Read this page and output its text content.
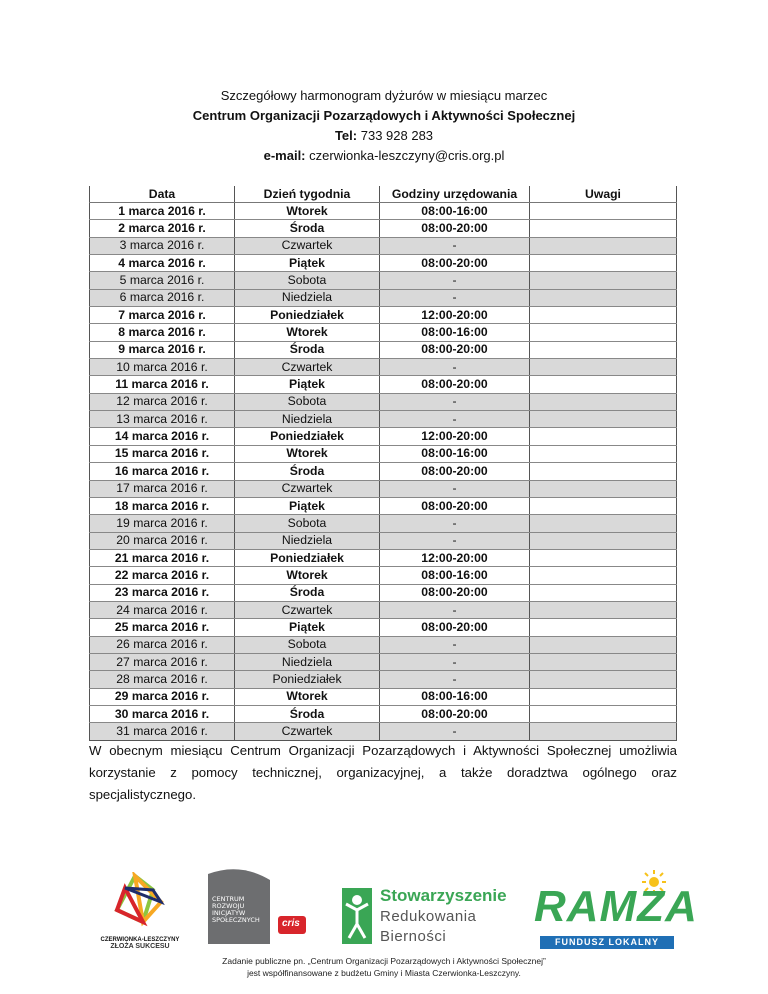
Szczegółowy harmonogram dyżurów w miesiącu marzec
Centrum Organizacji Pozarządowych i Aktywności Społecznej
Tel: 733 928 283
e-mail: czerwionka-leszczyny@cris.org.pl
Data	Dzień tygodnia	Godziny urzędowania	Uwagi
1 marca 2016 r.	Wtorek	08:00-16:00	
2 marca 2016 r.	Środa	08:00-20:00	
3 marca 2016 r.	Czwartek	-	
4 marca 2016 r.	Piątek	08:00-20:00	
5 marca 2016 r.	Sobota	-	
6 marca 2016 r.	Niedziela	-	
7 marca 2016 r.	Poniedziałek	12:00-20:00	
8 marca 2016 r.	Wtorek	08:00-16:00	
9 marca 2016 r.	Środa	08:00-20:00	
10 marca 2016 r.	Czwartek	-	
11 marca 2016 r.	Piątek	08:00-20:00	
12 marca 2016 r.	Sobota	-	
13 marca 2016 r.	Niedziela	-	
14 marca 2016 r.	Poniedziałek	12:00-20:00	
15 marca 2016 r.	Wtorek	08:00-16:00	
16 marca 2016 r.	Środa	08:00-20:00	
17 marca 2016 r.	Czwartek	-	
18 marca 2016 r.	Piątek	08:00-20:00	
19 marca 2016 r.	Sobota	-	
20 marca 2016 r.	Niedziela	-	
21 marca 2016 r.	Poniedziałek	12:00-20:00	
22 marca 2016 r.	Wtorek	08:00-16:00	
23 marca 2016 r.	Środa	08:00-20:00	
24 marca 2016 r.	Czwartek	-	
25 marca 2016 r.	Piątek	08:00-20:00	
26 marca 2016 r.	Sobota	-	
27 marca 2016 r.	Niedziela	-	
28 marca 2016 r.	Poniedziałek	-	
29 marca 2016 r.	Wtorek	08:00-16:00	
30 marca 2016 r.	Środa	08:00-20:00	
31 marca 2016 r.	Czwartek	-	
W obecnym miesiącu Centrum Organizacji Pozarządowych i Aktywności Społecznej umożliwia korzystanie z pomocy technicznej, organizacyjnej, a także doradztwa ogólnego oraz specjalistycznego.
CZERWIONKA-LESZCZYNY
ZŁOŻA SUKCESU
CENTRUM
ROZWOJU
INICJATYW
SPOŁECZNYCH cris
Stowarzyszenie
Redukowania
Bierności
RAMZA
FUNDUSZ LOKALNY
Zadanie publiczne pn. „Centrum Organizacji Pozarządowych i Aktywności Społecznej”
jest współfinansowane z budżetu Gminy i Miasta Czerwionka-Leszczyny.
